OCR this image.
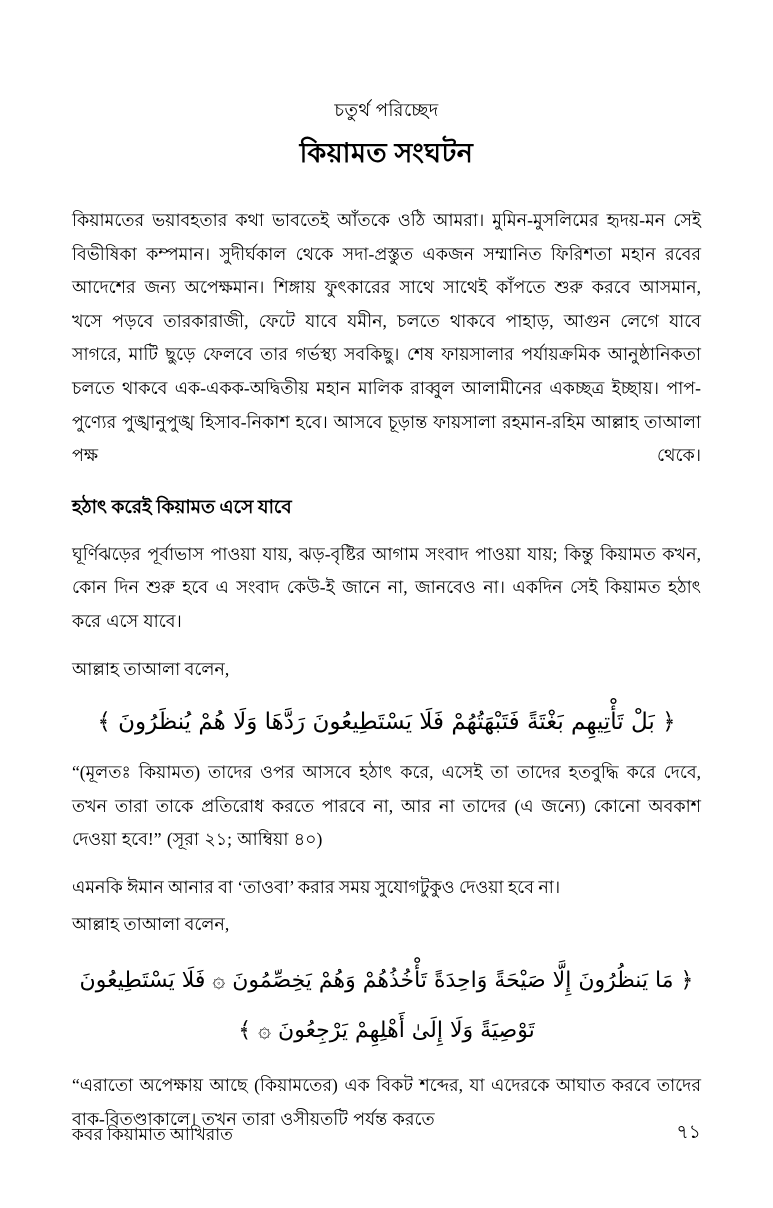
চতুর্থ পরিচ্ছেদ
কিয়ামত সংঘটন

কিয়ামতের ভয়াবহতার কথা ভাবতেই আঁতকে ওঠি আমরা। মুমিন-মুসলিমের হৃদয়-মন সেই বিভীষিকা কম্পমান। সুদীর্ঘকাল থেকে সদা-প্রস্তুত একজন সম্মানিত ফিরিশতা মহান রবের আদেশের জন্য অপেক্ষমান। শিঙ্গায় ফুৎকারের সাথে সাথেই কাঁপতে শুরু করবে আসমান, খসে পড়বে তারকারাজী, ফেটে যাবে যমীন, চলতে থাকবে পাহাড়, আগুন লেগে যাবে সাগরে, মাটি ছুড়ে ফেলবে তার গর্ভস্থ্য সবকিছু। শেষ ফায়সালার পর্যায়ক্রমিক আনুষ্ঠানিকতা চলতে থাকবে এক-একক-অদ্বিতীয় মহান মালিক রাব্বুল আলামীনের একচ্ছত্র ইচ্ছায়। পাপ-পুণ্যের পুঙ্খানুপুঙ্খ হিসাব-নিকাশ হবে। আসবে চূড়ান্ত ফায়সালা রহমান-রহিম আল্লাহ তাআলা পক্ষ থেকে।

হঠাৎ করেই কিয়ামত এসে যাবে

ঘূর্ণিঝড়ের পূর্বাভাস পাওয়া যায়, ঝড়-বৃষ্টির আগাম সংবাদ পাওয়া যায়; কিন্তু কিয়ামত কখন, কোন দিন শুরু হবে এ সংবাদ কেউ-ই জানে না, জানবেও না। একদিন সেই কিয়ামত হঠাৎ করে এসে যাবে।

আল্লাহ তাআলা বলেন,

﴿ بَلْ تَأْتِيهِم بَغْتَةً فَتَبْهَتُهُمْ فَلَا يَسْتَطِيعُونَ رَدَّهَا وَلَا هُمْ يُنظَرُونَ ﴾

“(মূলতঃ কিয়ামত) তাদের ওপর আসবে হঠাৎ করে, এসেই তা তাদের হতবুদ্ধি করে দেবে, তখন তারা তাকে প্রতিরোধ করতে পারবে না, আর না তাদের (এ জন্যে) কোনো অবকাশ দেওয়া হবে!” (সূরা ২১; আম্বিয়া ৪০)

এমনকি ঈমান আনার বা ‘তাওবা’ করার সময় সুযোগটুকুও দেওয়া হবে না।

আল্লাহ তাআলা বলেন,

﴿ مَا يَنظُرُونَ إِلَّا صَيْحَةً وَاحِدَةً تَأْخُذُهُمْ وَهُمْ يَخِصِّمُونَ ۞ فَلَا يَسْتَطِيعُونَ
تَوْصِيَةً وَلَا إِلَىٰ أَهْلِهِمْ يَرْجِعُونَ ۞ ﴾

“এরাতো অপেক্ষায় আছে (কিয়ামতের) এক বিকট শব্দের, যা এদেরকে আঘাত করবে তাদের বাক-বিতণ্ডাকালে। তখন তারা ওসীয়তটি পর্যন্ত করতে

কবর কিয়ামাত আখিরাত	৭১
